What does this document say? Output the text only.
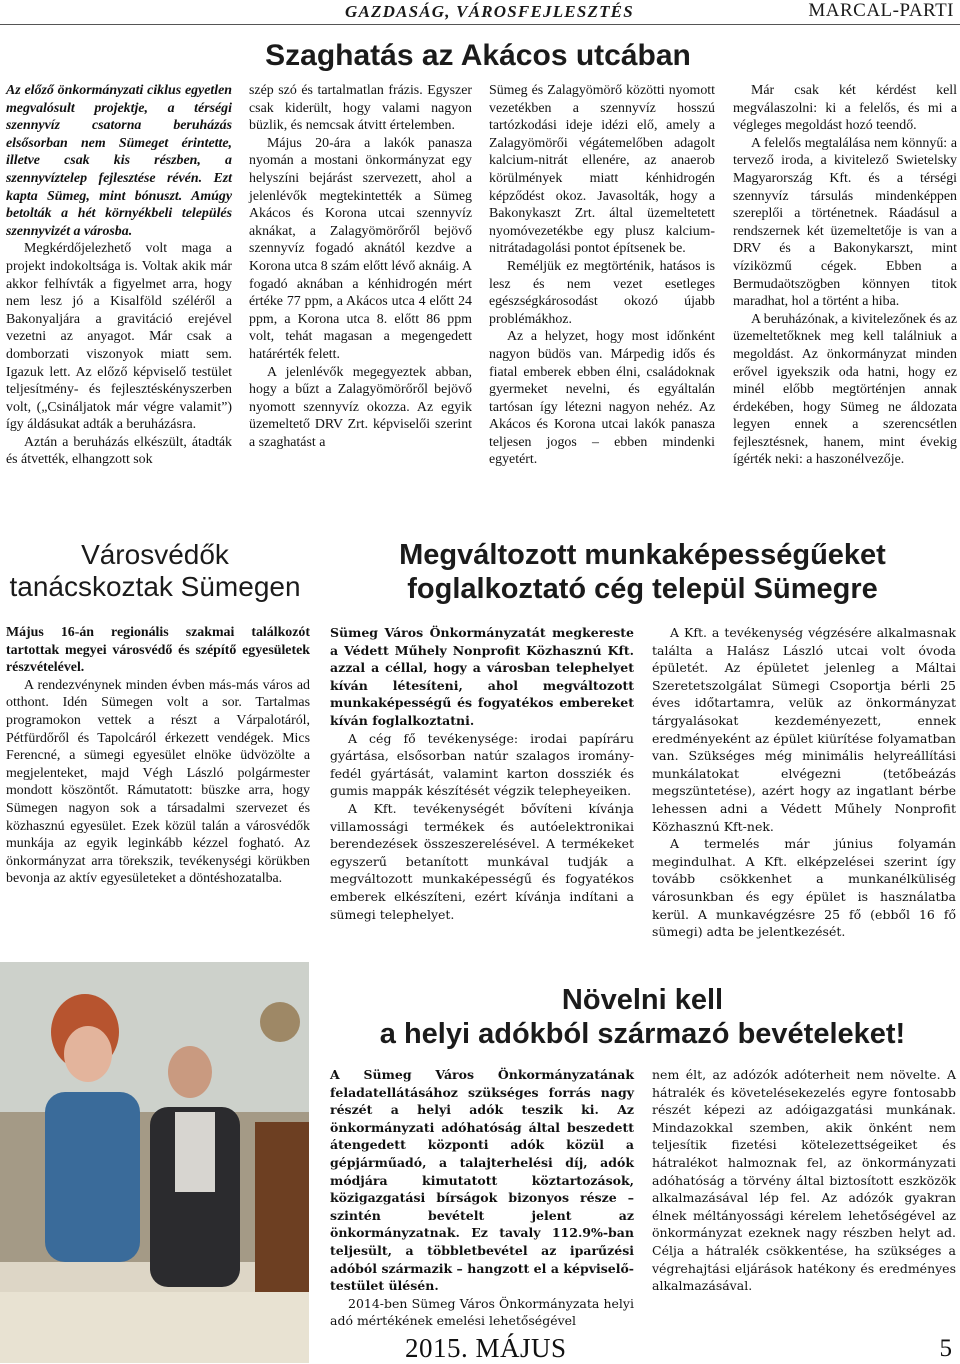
GAZDASÁG, VÁROSFEJLESZTÉS	MARCAL-PARTI
Szaghatás az Akácos utcában

Az előző önkormányzati ciklus egyetlen megvalósult projektje, a térségi szennyvíz csatorna beruházás elsősorban nem Sümeget érintette, illetve csak kis részben, a szennyvíztelep fejlesztése révén. Ezt kapta Sümeg, mint bónuszt. Amúgy betolták a hét környékbeli település szennyvizét a városba.

Megkérdőjelezhető volt maga a projekt indokoltsága is. Voltak akik már akkor felhívták a figyelmet arra, hogy nem lesz jó a Kisalföld széléről a Bakonyaljára a gravitáció erejével vezetni az anyagot. Már csak a domborzati viszonyok miatt sem. Igazuk lett. Az előző képviselő testület teljesítmény- és fejlesztéskényszerben volt, („Csináljatok már végre valamit”) így áldásukat adták a beruházásra.

Aztán a beruházás elkészült, átadták és átvették, elhangzott sok

szép szó és tartalmatlan frázis. Egyszer csak kiderült, hogy valami nagyon büzlik, és nemcsak átvitt értelemben.

Május 20-ára a lakók panasza nyomán a mostani önkormányzat egy helyszíni bejárást szervezett, ahol a jelenlévők megtekintették a Sümeg Akácos és Korona utcai szennyvíz aknákat, a Zalagyömörőről bejövő szennyvíz fogadó aknától kezdve a Korona utca 8 szám előtt lévő aknáig. A fogadó aknában a kénhidrogén mért értéke 77 ppm, a Akácos utca 4 előtt 24 ppm, a Korona utca 8. előtt 86 ppm volt, tehát magasan a megengedett határérték felett.

A jelenlévők megegyeztek abban, hogy a bűzt a Zalagyömörőről bejövő nyomott szennyvíz okozza. Az egyik üzemeltető DRV Zrt. képviselői szerint a szaghatást a

Sümeg és Zalagyömörő közötti nyomott vezetékben a szennyvíz hosszú tartózkodási ideje idézi elő, amely a Zalagyömörői végátemelőben adagolt kalcium-nitrát ellenére, az anaerob körülmények miatt kénhidrogén képződést okoz. Javasolták, hogy a Bakonykaszt Zrt. által üzemeltetett nyomóvezetékbe egy plusz kalcium-nitrátadagolási pontot építsenek be.

Reméljük ez megtörténik, hatásos is lesz és nem vezet esetleges egészségkárosodást okozó újabb problémákhoz.

Az a helyzet, hogy most időnként nagyon büdös van. Márpedig idős és fiatal emberek ebben élni, családoknak gyermeket nevelni, és egyáltalán tartósan így létezni nagyon nehéz. Az Akácos és Korona utcai lakók panasza teljesen jogos – ebben mindenki egyetért.

Már csak két kérdést kell megválaszolni: ki a felelős, és mi a végleges megoldást hozó teendő.

A felelős megtalálása nem könnyű: a tervező iroda, a kivitelező Swietelsky Magyarország Kft. és a térségi szennyvíz társulás mindenképpen szereplői a történetnek. Ráadásul a rendszernek két üzemeltetője is van a DRV és a Bakonykarszt, mint víziközmű cégek. Ebben a Bermudaötszögben könnyen titok maradhat, hol a történt a hiba.

A beruházónak, a kivitelezőnek és az üzemeltetőknek meg kell találniuk a megoldást. Az önkormányzat minden erővel igyekszik oda hatni, hogy ez minél előbb megtörténjen annak érdekében, hogy Sümeg ne áldozata legyen ennek a szerencsétlen fejlesztésnek, hanem, mint évekig ígérték neki: a haszonélvezője.

Városvédők
tanácskoztak Sümegen

Május 16-án regionális szakmai találkozót tartottak megyei városvédő és szépítő egyesületek részvételével.

A rendezvénynek minden évben más-más város ad otthont. Idén Sümegen volt a sor. Tartalmas programokon vettek a részt a Várpalotáról, Pétfürdőről és Tapolcáról érkezett vendégek. Mics Ferencné, a sümegi egyesület elnöke üdvözölte a megjelenteket, majd Végh László polgármester mondott köszöntőt. Rámutatott: büszke arra, hogy Sümegen nagyon sok a társadalmi szervezet és közhasznú egyesület. Ezek közül talán a városvédők munkája az egyik leginkább kézzel fogható. Az önkormányzat arra törekszik, tevékenységi körükben bevonja az aktív egyesületeket a döntéshozatalba.

Megváltozott munkaképességűeket
foglalkoztató cég települ Sümegre

Sümeg Város Önkormányzatát megkereste a Védett Műhely Nonprofit Közhasznú Kft. azzal a céllal, hogy a városban telephelyet kíván létesíteni, ahol megváltozott munkaképességű és fogyatékos embereket kíván foglalkoztatni.

A cég fő tevékenysége: irodai papíráru gyártása, elsősorban natúr szalagos iromány-fedél gyártását, valamint karton dossziék és gumis mappák készítését végzik telepheyeiken.

A Kft. tevékenységét bővíteni kívánja villamossági termékek és autóelektronikai berendezések összeszerelésével. A termékeket egyszerű betanított munkával tudják a megváltozott munkaképességű és fogyatékos emberek elkészíteni, ezért kívánja indítani a sümegi telephelyet.

A Kft. a tevékenység végzésére alkalmasnak találta a Halász László utcai volt óvoda épületét. Az épületet jelenleg a Máltai Szeretetszolgálat Sümegi Csoportja bérli 25 éves időtartamra, velük az önkormányzat tárgyalásokat kezdeményezett, ennek eredményeként az épület kiürítése folyamatban van. Szükséges még minimális helyreállítási munkálatokat elvégezni (tetőbeázás megszüntetése), azért hogy az ingatlant bérbe lehessen adni a Védett Műhely Nonprofit Közhasznú Kft-nek.

A termelés már június folyamán megindulhat. A Kft. elképzelései szerint így tovább csökkenhet a munkanélküliség városunkban és egy épület is használatba kerül. A munkavégzésre 25 fő (ebből 16 fő sümegi) adta be jelentkezését.

Növelni kell
a helyi adókból származó bevételeket!

A Sümeg Város Önkormányzatának feladatellátásához szükséges forrás nagy részét a helyi adók teszik ki. Az önkormányzati adóhatóság által beszedett átengedett központi adók közül a gépjárműadó, a talajterhelési díj, adók módjára kimutatott köztartozások, közigazgatási bírságok bizonyos része – szintén bevételt jelent az önkormányzatnak. Ez tavaly 112.9%-ban teljesült, a többletbevétel az iparűzési adóból származik – hangzott el a képviselő-testület ülésén.

2014-ben Sümeg Város Önkormányzata helyi adó mértékének emelési lehetőségével

nem élt, az adózók adóterheit nem növelte. A hátralék és követelésekezelés egyre fontosabb részét képezi az adóigazgatási munkának. Mindazokkal szemben, akik önként nem teljesítik fizetési kötelezettségeiket és hátralékot halmoznak fel, az önkormányzati adóhatóság a törvény által biztosított eszközök alkalmazásával lép fel. Az adózók gyakran élnek méltányossági kérelem lehetőségével az önkormányzat ezeknek nagy részben helyt ad. Célja a hátralék csökkentése, ha szükséges a végrehajtási eljárások hatékony és eredményes alkalmazásával.

2015. MÁJUS	5
